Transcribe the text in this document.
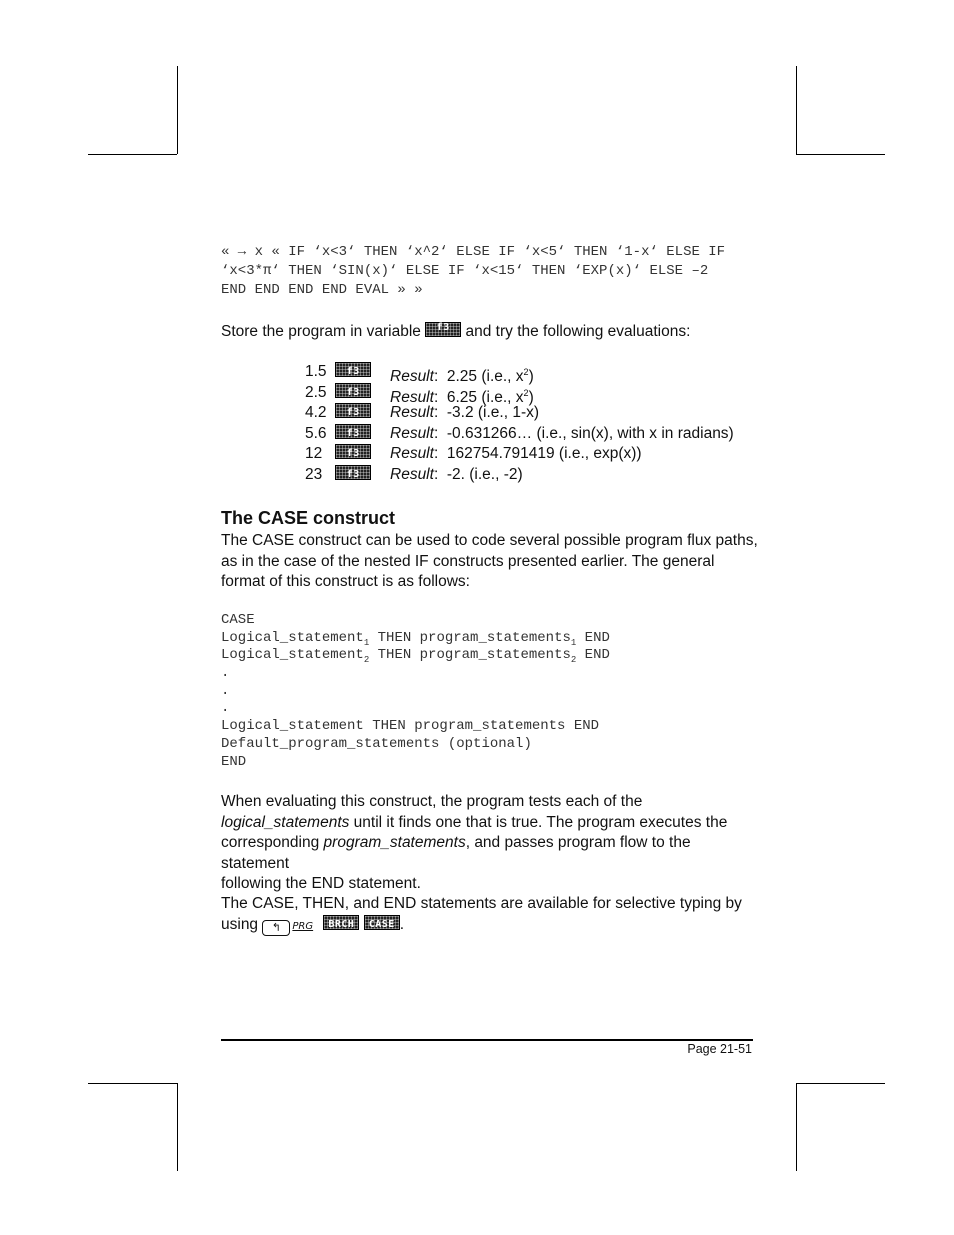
« → x « IF ‘x<3‘ THEN ‘x^2‘ ELSE IF ‘x<5‘ THEN ‘1-x‘ ELSE IF
‘x<3*π‘ THEN ‘SIN(x)‘ ELSE IF ‘x<15‘ THEN ‘EXP(x)‘ ELSE –2
END END END END EVAL » »
Store the program in variable	f3	and try the following evaluations:
1.5	f3	Result:  2.25 (i.e., $x^2$)
2.5	f3	Result:  6.25 (i.e., $x^2$)
4.2	f3	Result:  -3.2 (i.e., 1-x)
5.6	f3	Result:  -0.631266… (i.e., sin(x), with x in radians)
12	f3	Result:  162754.791419 (i.e., exp(x))
23	f3	Result:  -2. (i.e., -2)
The CASE construct

The CASE construct can be used to code several possible program flux paths,

as in the case of the nested IF constructs presented earlier. The general

format of this construct is as follows:

CASE
Logical_statement$_1$ THEN program_statements$_1$ END
Logical_statement$_2$ THEN program_statements$_2$ END
.
.
.
Logical_statement THEN program_statements END
Default_program_statements (optional)
END

When evaluating this construct, the program tests each of the

logical_statements until it finds one that is true. The program executes the

corresponding program_statements, and passes program flow to the statement

following the END statement.

The CASE, THEN, and END statements are available for selective typing by

using ↰ PRG	BRCH
	CASE .

Page 21-51
